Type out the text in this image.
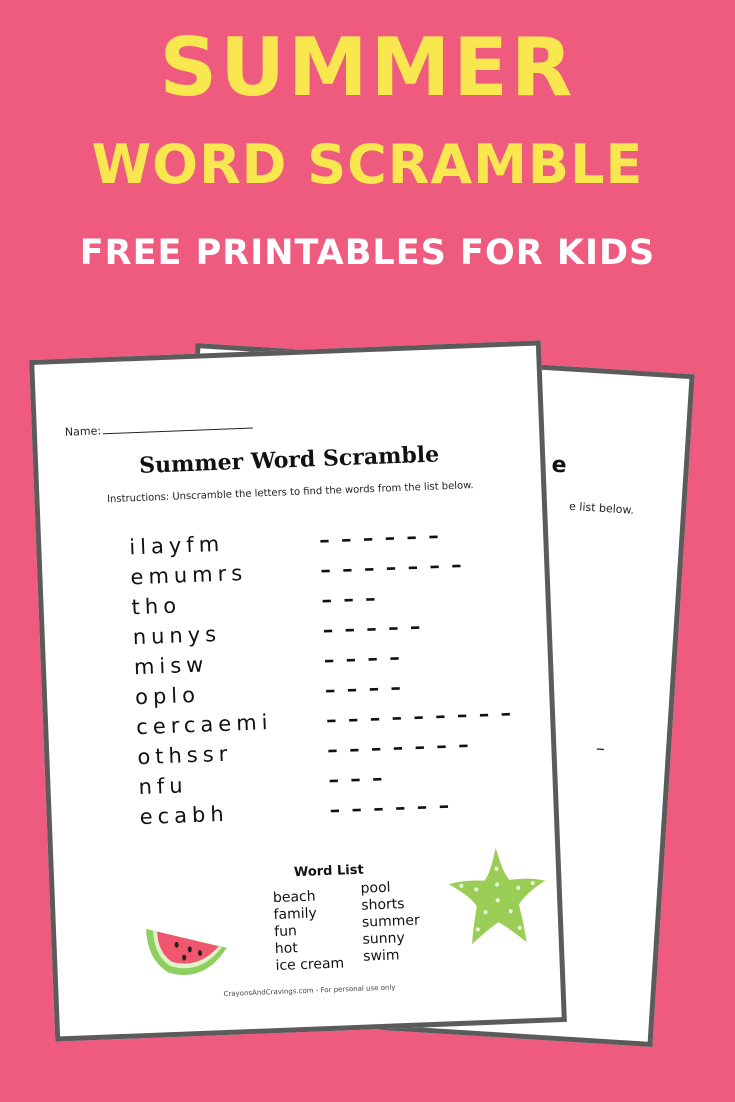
SUMMER
WORD SCRAMBLE
FREE PRINTABLES FOR KIDS
e
e list below.
–
Name:
Summer Word Scramble
Instructions: Unscramble the letters to find the words from the list below.
ilayfm	– – – – – –
emumrs	– – – – – – –
tho	– – –
nunys	– – – – –
misw	– – – –
oplo	– – – –
cercaemi	– – – – – – – – –
othssr	– – – – – – –
nfu	– – –
ecabh	– – – – – –
Word List
beach
family
fun
hot
ice cream
pool
shorts
summer
sunny
swim
CrayonsAndCravings.com - For personal use only
